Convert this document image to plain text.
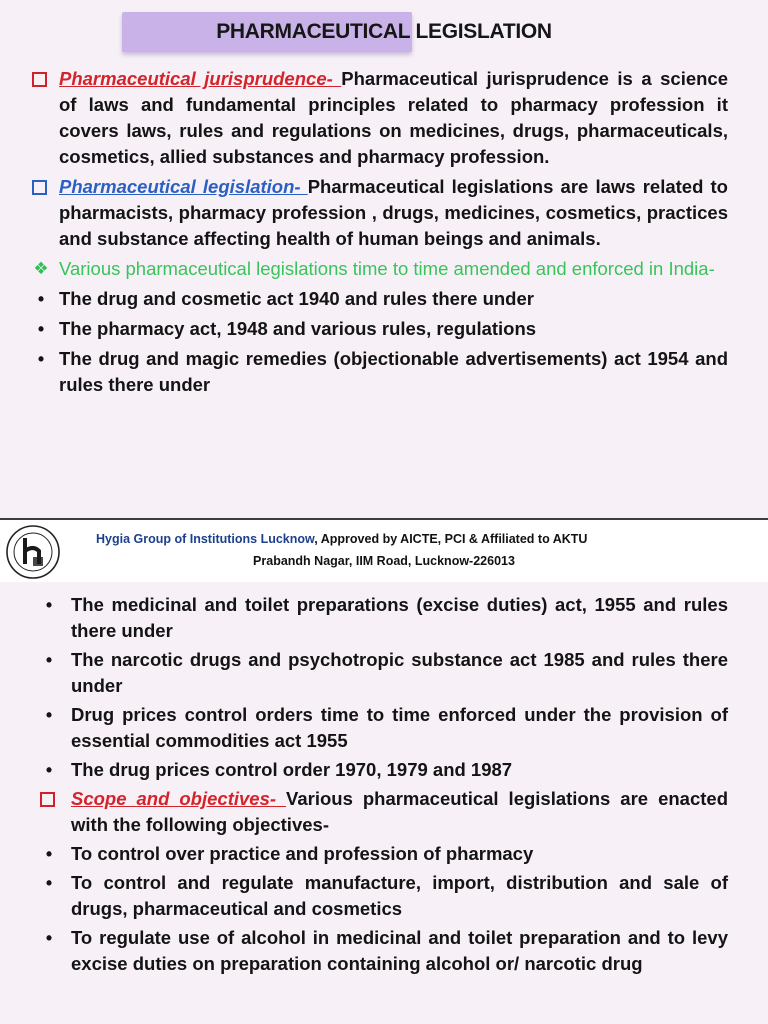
PHARMACEUTICAL LEGISLATION
Pharmaceutical jurisprudence- Pharmaceutical jurisprudence is a science of laws and fundamental principles related to pharmacy profession it covers laws, rules and regulations on medicines, drugs, pharmaceuticals, cosmetics, allied substances and pharmacy profession.
Pharmaceutical legislation- Pharmaceutical legislations are laws related to pharmacists, pharmacy profession , drugs, medicines, cosmetics, practices and substance affecting health of human beings and animals.
❖ Various pharmaceutical legislations time to time amended and enforced in India-
• The drug and cosmetic act 1940 and rules there under
• The pharmacy act, 1948 and various rules, regulations
• The drug and magic remedies (objectionable advertisements) act 1954 and rules there under
Hygia Group of Institutions Lucknow, Approved by AICTE, PCI & Affiliated to AKTU
Prabandh Nagar, IIM Road, Lucknow-226013
•	The medicinal and toilet preparations (excise duties) act, 1955 and rules there under
•	The narcotic drugs and psychotropic substance act 1985 and rules there under
•	Drug prices control orders time to time enforced under the provision of essential commodities act 1955
•	The drug prices control order 1970, 1979 and 1987
Scope and objectives- Various pharmaceutical legislations are enacted with the following objectives-
•	To control over practice and profession of pharmacy
•	To control and regulate manufacture, import, distribution and sale of drugs, pharmaceutical and cosmetics
•	To regulate use of alcohol in medicinal and toilet preparation and to levy excise duties on preparation containing alcohol or/ narcotic drug
